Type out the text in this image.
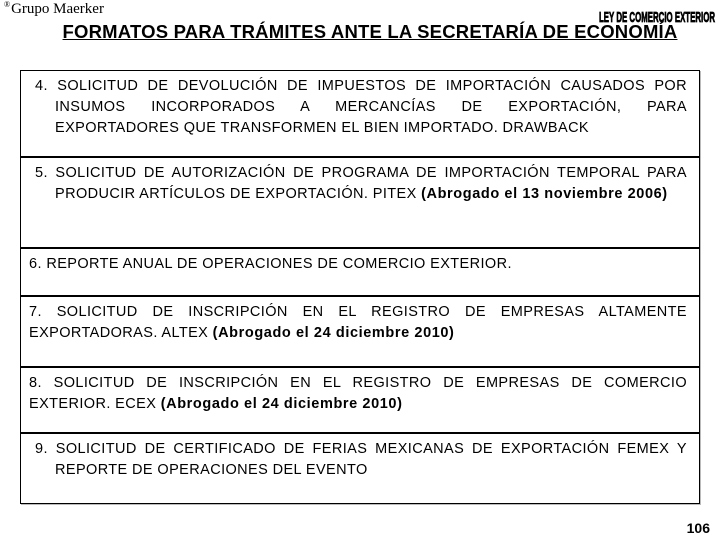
®Grupo Maerker	LEY DE COMERCIO EXTERIOR
FORMATOS PARA TRÁMITES ANTE LA SECRETARÍA DE ECONOMÍA
4. SOLICITUD DE DEVOLUCIÓN DE IMPUESTOS DE IMPORTACIÓN CAUSADOS POR INSUMOS INCORPORADOS A MERCANCÍAS DE EXPORTACIÓN, PARA EXPORTADORES QUE TRANSFORMEN EL BIEN IMPORTADO. DRAWBACK
5. SOLICITUD DE AUTORIZACIÓN DE PROGRAMA DE IMPORTACIÓN TEMPORAL PARA PRODUCIR ARTÍCULOS DE EXPORTACIÓN. PITEX (Abrogado el 13 noviembre 2006)
6. REPORTE ANUAL DE OPERACIONES DE COMERCIO EXTERIOR.
7. SOLICITUD DE INSCRIPCIÓN EN EL REGISTRO DE EMPRESAS ALTAMENTE EXPORTADORAS. ALTEX (Abrogado el 24 diciembre 2010)
8. SOLICITUD DE INSCRIPCIÓN EN EL REGISTRO DE EMPRESAS DE COMERCIO EXTERIOR. ECEX (Abrogado el 24 diciembre 2010)
9. SOLICITUD DE CERTIFICADO DE FERIAS MEXICANAS DE EXPORTACIÓN FEMEX Y REPORTE DE OPERACIONES DEL EVENTO
106
